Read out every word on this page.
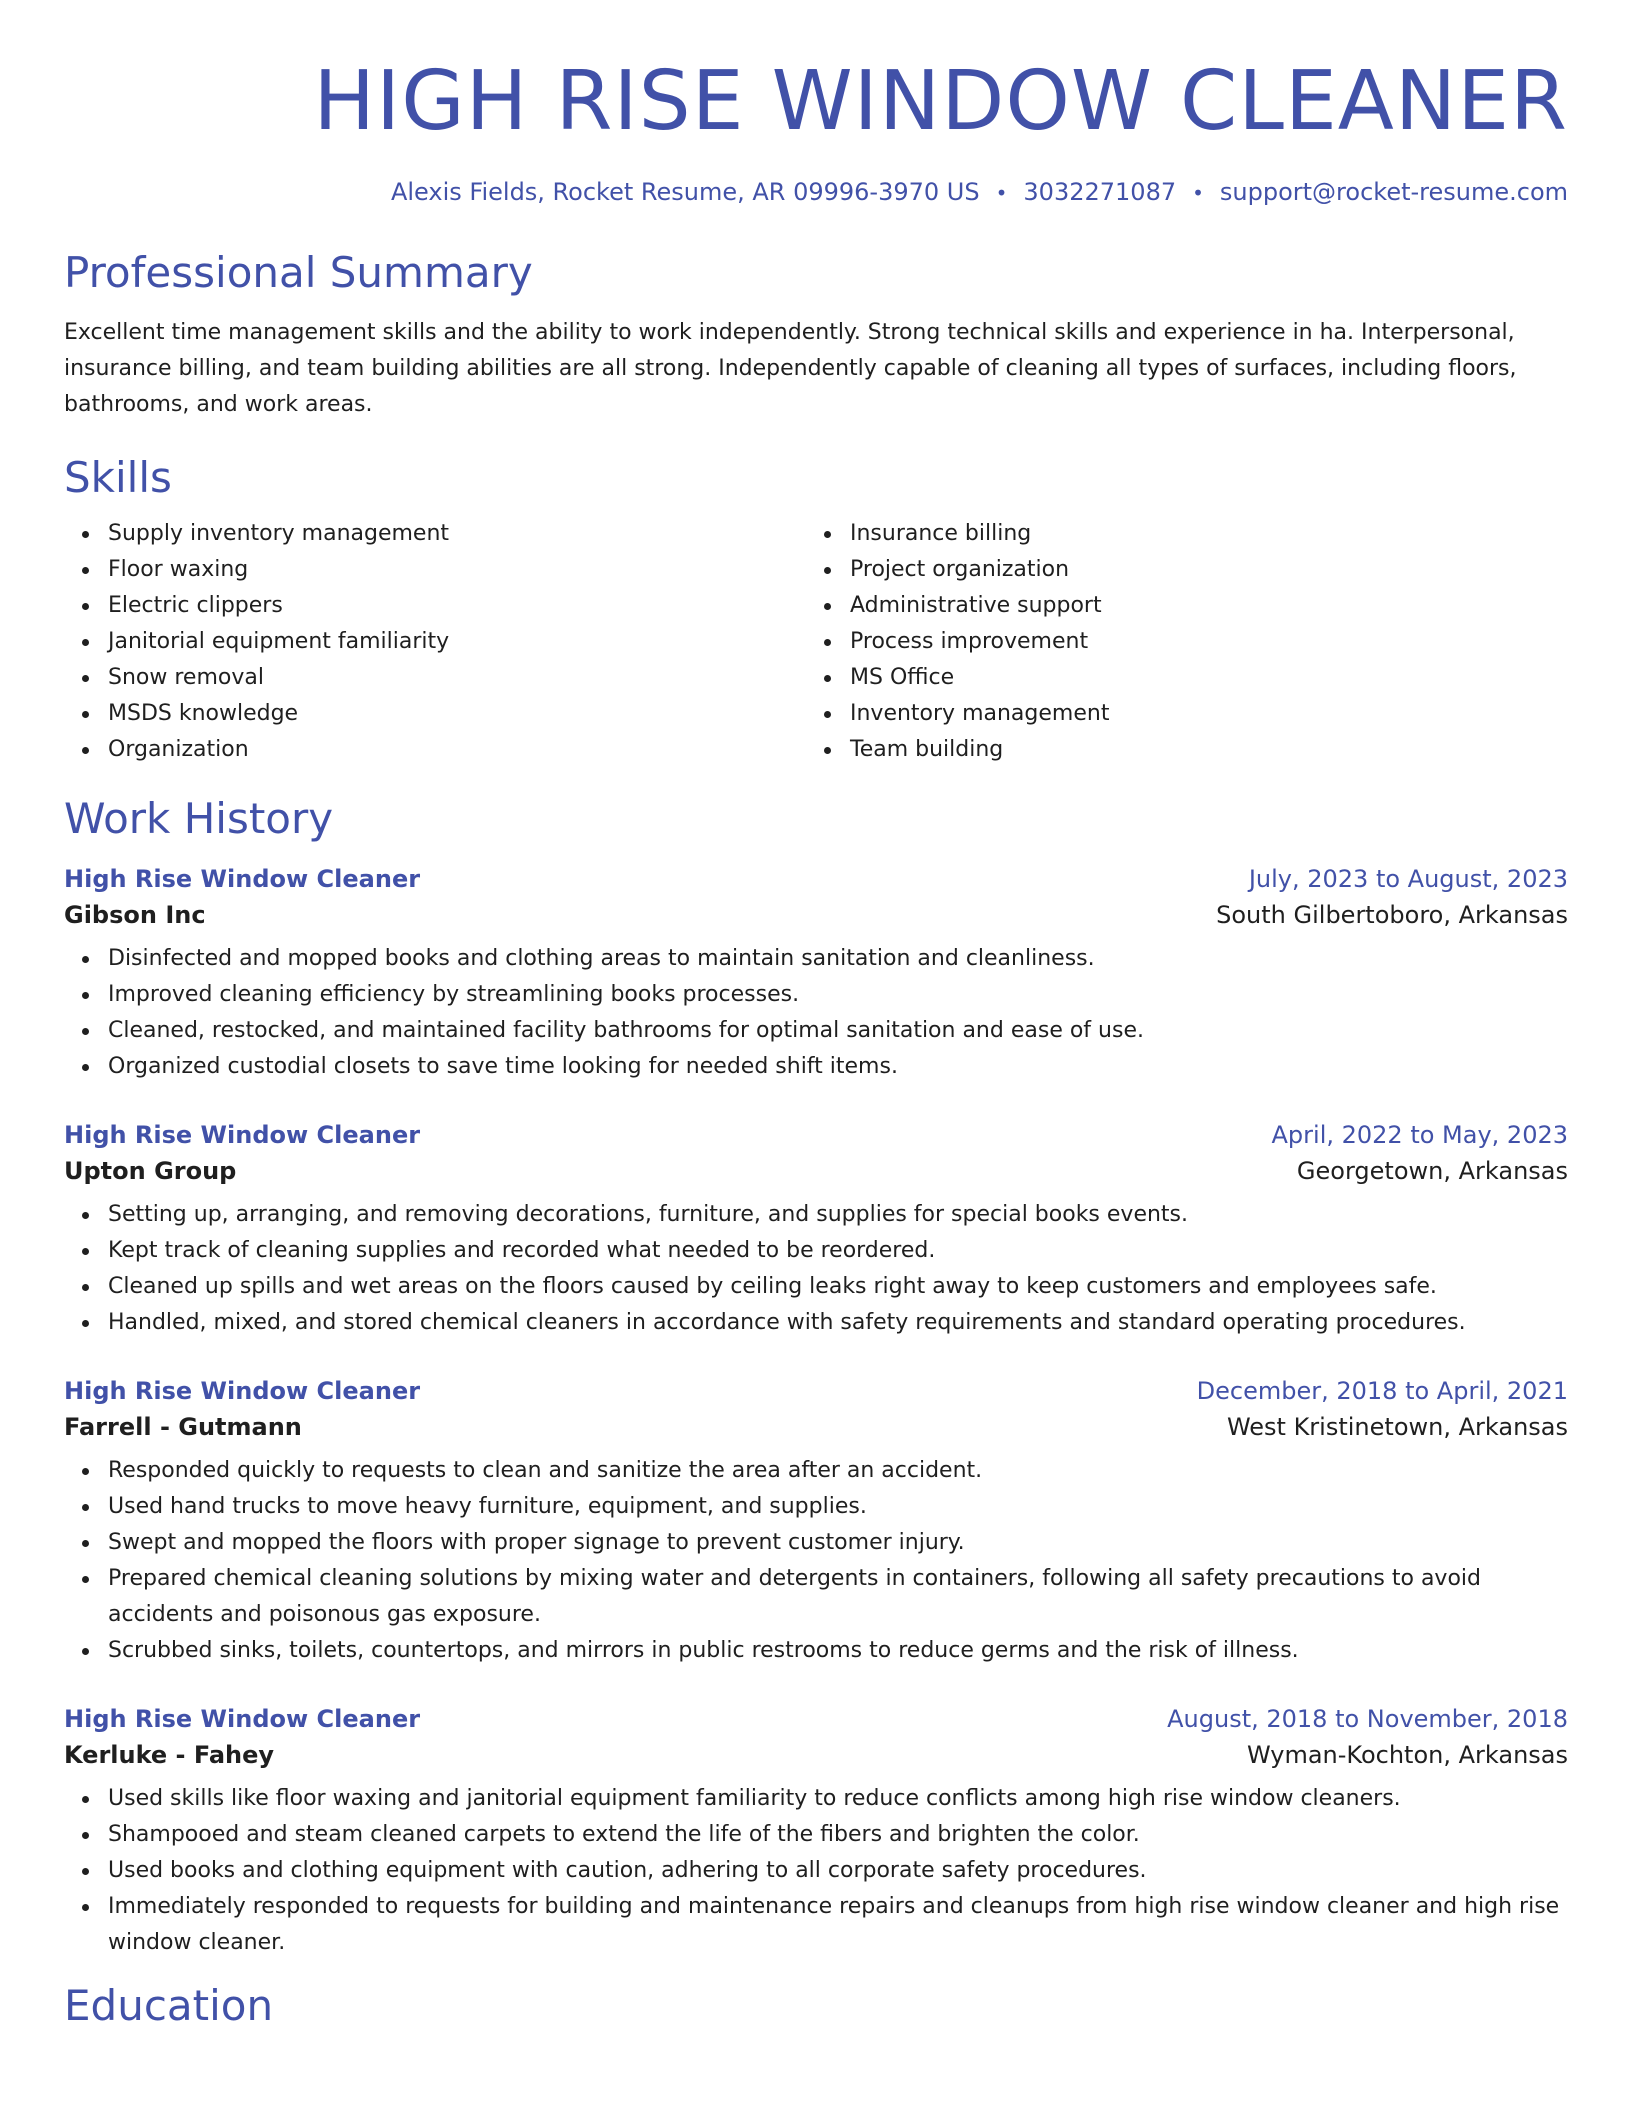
HIGH RISE WINDOW CLEANER
Alexis Fields, Rocket Resume, AR 09996-3970 US • 3032271087 • support@rocket-resume.com
Professional Summary

Excellent time management skills and the ability to work independently. Strong technical skills and experience in ha. Interpersonal, insurance billing, and team building abilities are all strong. Independently capable of cleaning all types of surfaces, including floors, bathrooms, and work areas.

Skills
Supply inventory management
Floor waxing
Electric clippers
Janitorial equipment familiarity
Snow removal
MSDS knowledge
Organization
Insurance billing
Project organization
Administrative support
Process improvement
MS Office
Inventory management
Team building
Work History
High Rise Window Cleaner	July, 2023 to August, 2023
Gibson Inc	South Gilbertoboro, Arkansas
Disinfected and mopped books and clothing areas to maintain sanitation and cleanliness.
Improved cleaning efficiency by streamlining books processes.
Cleaned, restocked, and maintained facility bathrooms for optimal sanitation and ease of use.
Organized custodial closets to save time looking for needed shift items.
High Rise Window Cleaner	April, 2022 to May, 2023
Upton Group	Georgetown, Arkansas
Setting up, arranging, and removing decorations, furniture, and supplies for special books events.
Kept track of cleaning supplies and recorded what needed to be reordered.
Cleaned up spills and wet areas on the floors caused by ceiling leaks right away to keep customers and employees safe.
Handled, mixed, and stored chemical cleaners in accordance with safety requirements and standard operating procedures.
High Rise Window Cleaner	December, 2018 to April, 2021
Farrell - Gutmann	West Kristinetown, Arkansas
Responded quickly to requests to clean and sanitize the area after an accident.
Used hand trucks to move heavy furniture, equipment, and supplies.
Swept and mopped the floors with proper signage to prevent customer injury.
Prepared chemical cleaning solutions by mixing water and detergents in containers, following all safety precautions to avoid accidents and poisonous gas exposure.
Scrubbed sinks, toilets, countertops, and mirrors in public restrooms to reduce germs and the risk of illness.
High Rise Window Cleaner	August, 2018 to November, 2018
Kerluke - Fahey	Wyman-Kochton, Arkansas
Used skills like floor waxing and janitorial equipment familiarity to reduce conflicts among high rise window cleaners.
Shampooed and steam cleaned carpets to extend the life of the fibers and brighten the color.
Used books and clothing equipment with caution, adhering to all corporate safety procedures.
Immediately responded to requests for building and maintenance repairs and cleanups from high rise window cleaner and high rise window cleaner.
Education
